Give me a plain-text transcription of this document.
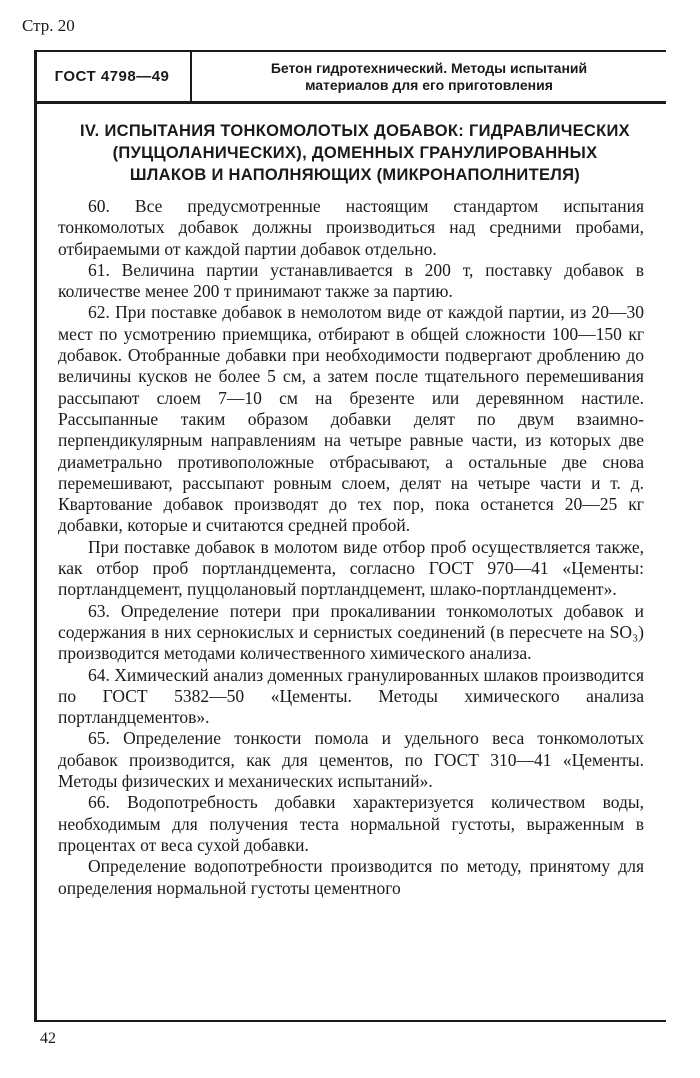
Стр. 20
ГОСТ 4798—49
Бетон гидротехнический. Методы испытаний
материалов для его приготовления
IV. ИСПЫТАНИЯ ТОНКОМОЛОТЫХ ДОБАВОК: ГИДРАВЛИЧЕСКИХ
(ПУЦЦОЛАНИЧЕСКИХ), ДОМЕННЫХ ГРАНУЛИРОВАННЫХ
ШЛАКОВ И НАПОЛНЯЮЩИХ (МИКРОНАПОЛНИТЕЛЯ)

60. Все предусмотренные настоящим стандартом испытания тонкомолотых добавок должны производиться над средними пробами, отбираемыми от каждой партии добавок отдельно.

61. Величина партии устанавливается в 200 т, поставку добавок в количестве менее 200 т принимают также за партию.

62. При поставке добавок в немолотом виде от каждой партии, из 20—30 мест по усмотрению приемщика, отбирают в общей сложности 100—150 кг добавок. Отобранные добавки при необходимости подвергают дроблению до величины кусков не более 5 см, а затем после тщательного перемешивания рассыпают слоем 7—10 см на брезенте или деревянном настиле. Рассыпанные таким образом добавки делят по двум взаимно-перпендикулярным направлениям на четыре равные части, из которых две диаметрально противоположные отбрасывают, а остальные две снова перемешивают, рассыпают ровным слоем, делят на четыре части и т. д. Квартование добавок производят до тех пор, пока останется 20—25 кг добавки, которые и считаются средней пробой.

При поставке добавок в молотом виде отбор проб осуществляется также, как отбор проб портландцемента, согласно ГОСТ 970—41 «Цементы: портландцемент, пуццолановый портландцемент, шлако-портландцемент».

63. Определение потери при прокаливании тонкомолотых добавок и содержания в них сернокислых и сернистых соединений (в пересчете на SO₃) производится методами количественного химического анализа.

64. Химический анализ доменных гранулированных шлаков производится по ГОСТ 5382—50 «Цементы. Методы химического анализа портландцементов».

65. Определение тонкости помола и удельного веса тонкомолотых добавок производится, как для цементов, по ГОСТ 310—41 «Цементы. Методы физических и механических испытаний».

66. Водопотребность добавки характеризуется количеством воды, необходимым для получения теста нормальной густоты, выраженным в процентах от веса сухой добавки.

Определение водопотребности производится по методу, принятому для определения нормальной густоты цементного

42
